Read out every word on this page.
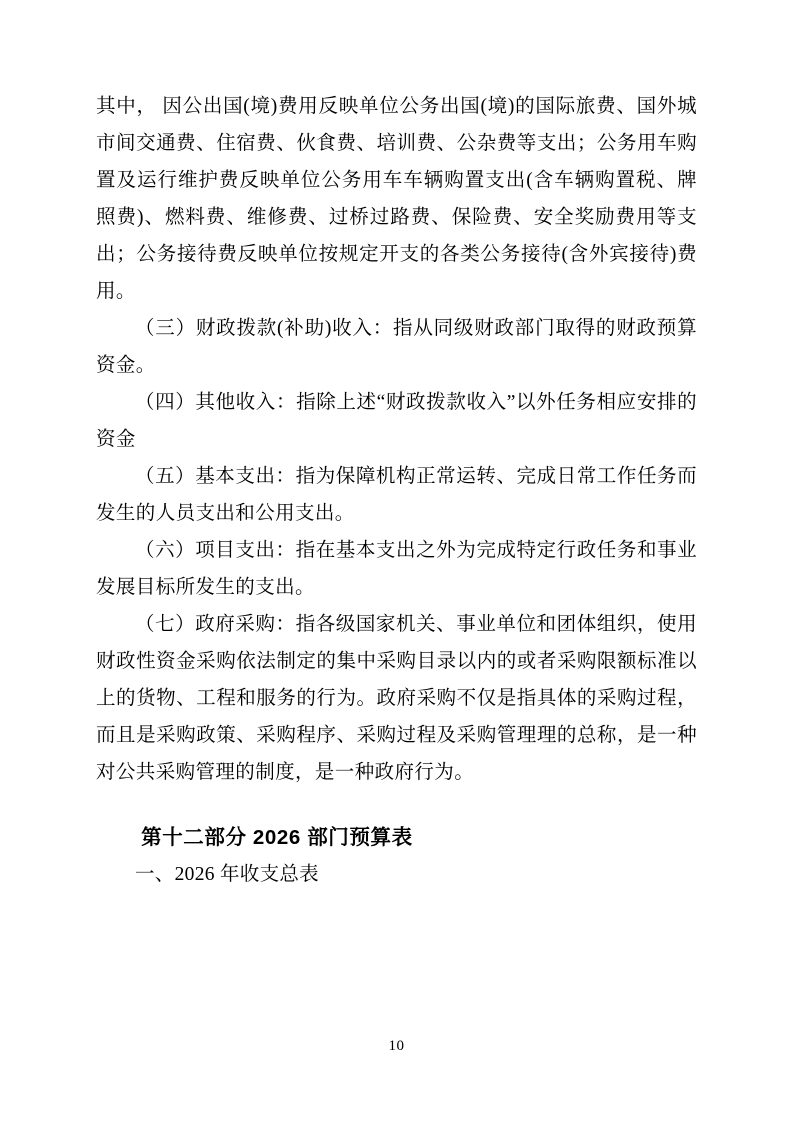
其中， 因公出国(境)费用反映单位公务出国(境)的国际旅费、国外城市间交通费、住宿费、伙食费、培训费、公杂费等支出；公务用车购置及运行维护费反映单位公务用车车辆购置支出(含车辆购置税、牌照费)、燃料费、维修费、过桥过路费、保险费、安全奖励费用等支出；公务接待费反映单位按规定开支的各类公务接待(含外宾接待)费用。

（三）财政拨款(补助)收入：指从同级财政部门取得的财政预算资金。

（四）其他收入：指除上述“财政拨款收入”以外任务相应安排的资金

（五）基本支出：指为保障机构正常运转、完成日常工作任务而发生的人员支出和公用支出。

（六）项目支出：指在基本支出之外为完成特定行政任务和事业发展目标所发生的支出。

（七）政府采购：指各级国家机关、事业单位和团体组织，使用财政性资金采购依法制定的集中采购目录以内的或者采购限额标准以上的货物、工程和服务的行为。政府采购不仅是指具体的采购过程，而且是采购政策、采购程序、采购过程及采购管理理的总称，是一种对公共采购管理的制度，是一种政府行为。

第十二部分 2026 部门预算表

一、2026 年收支总表

10
